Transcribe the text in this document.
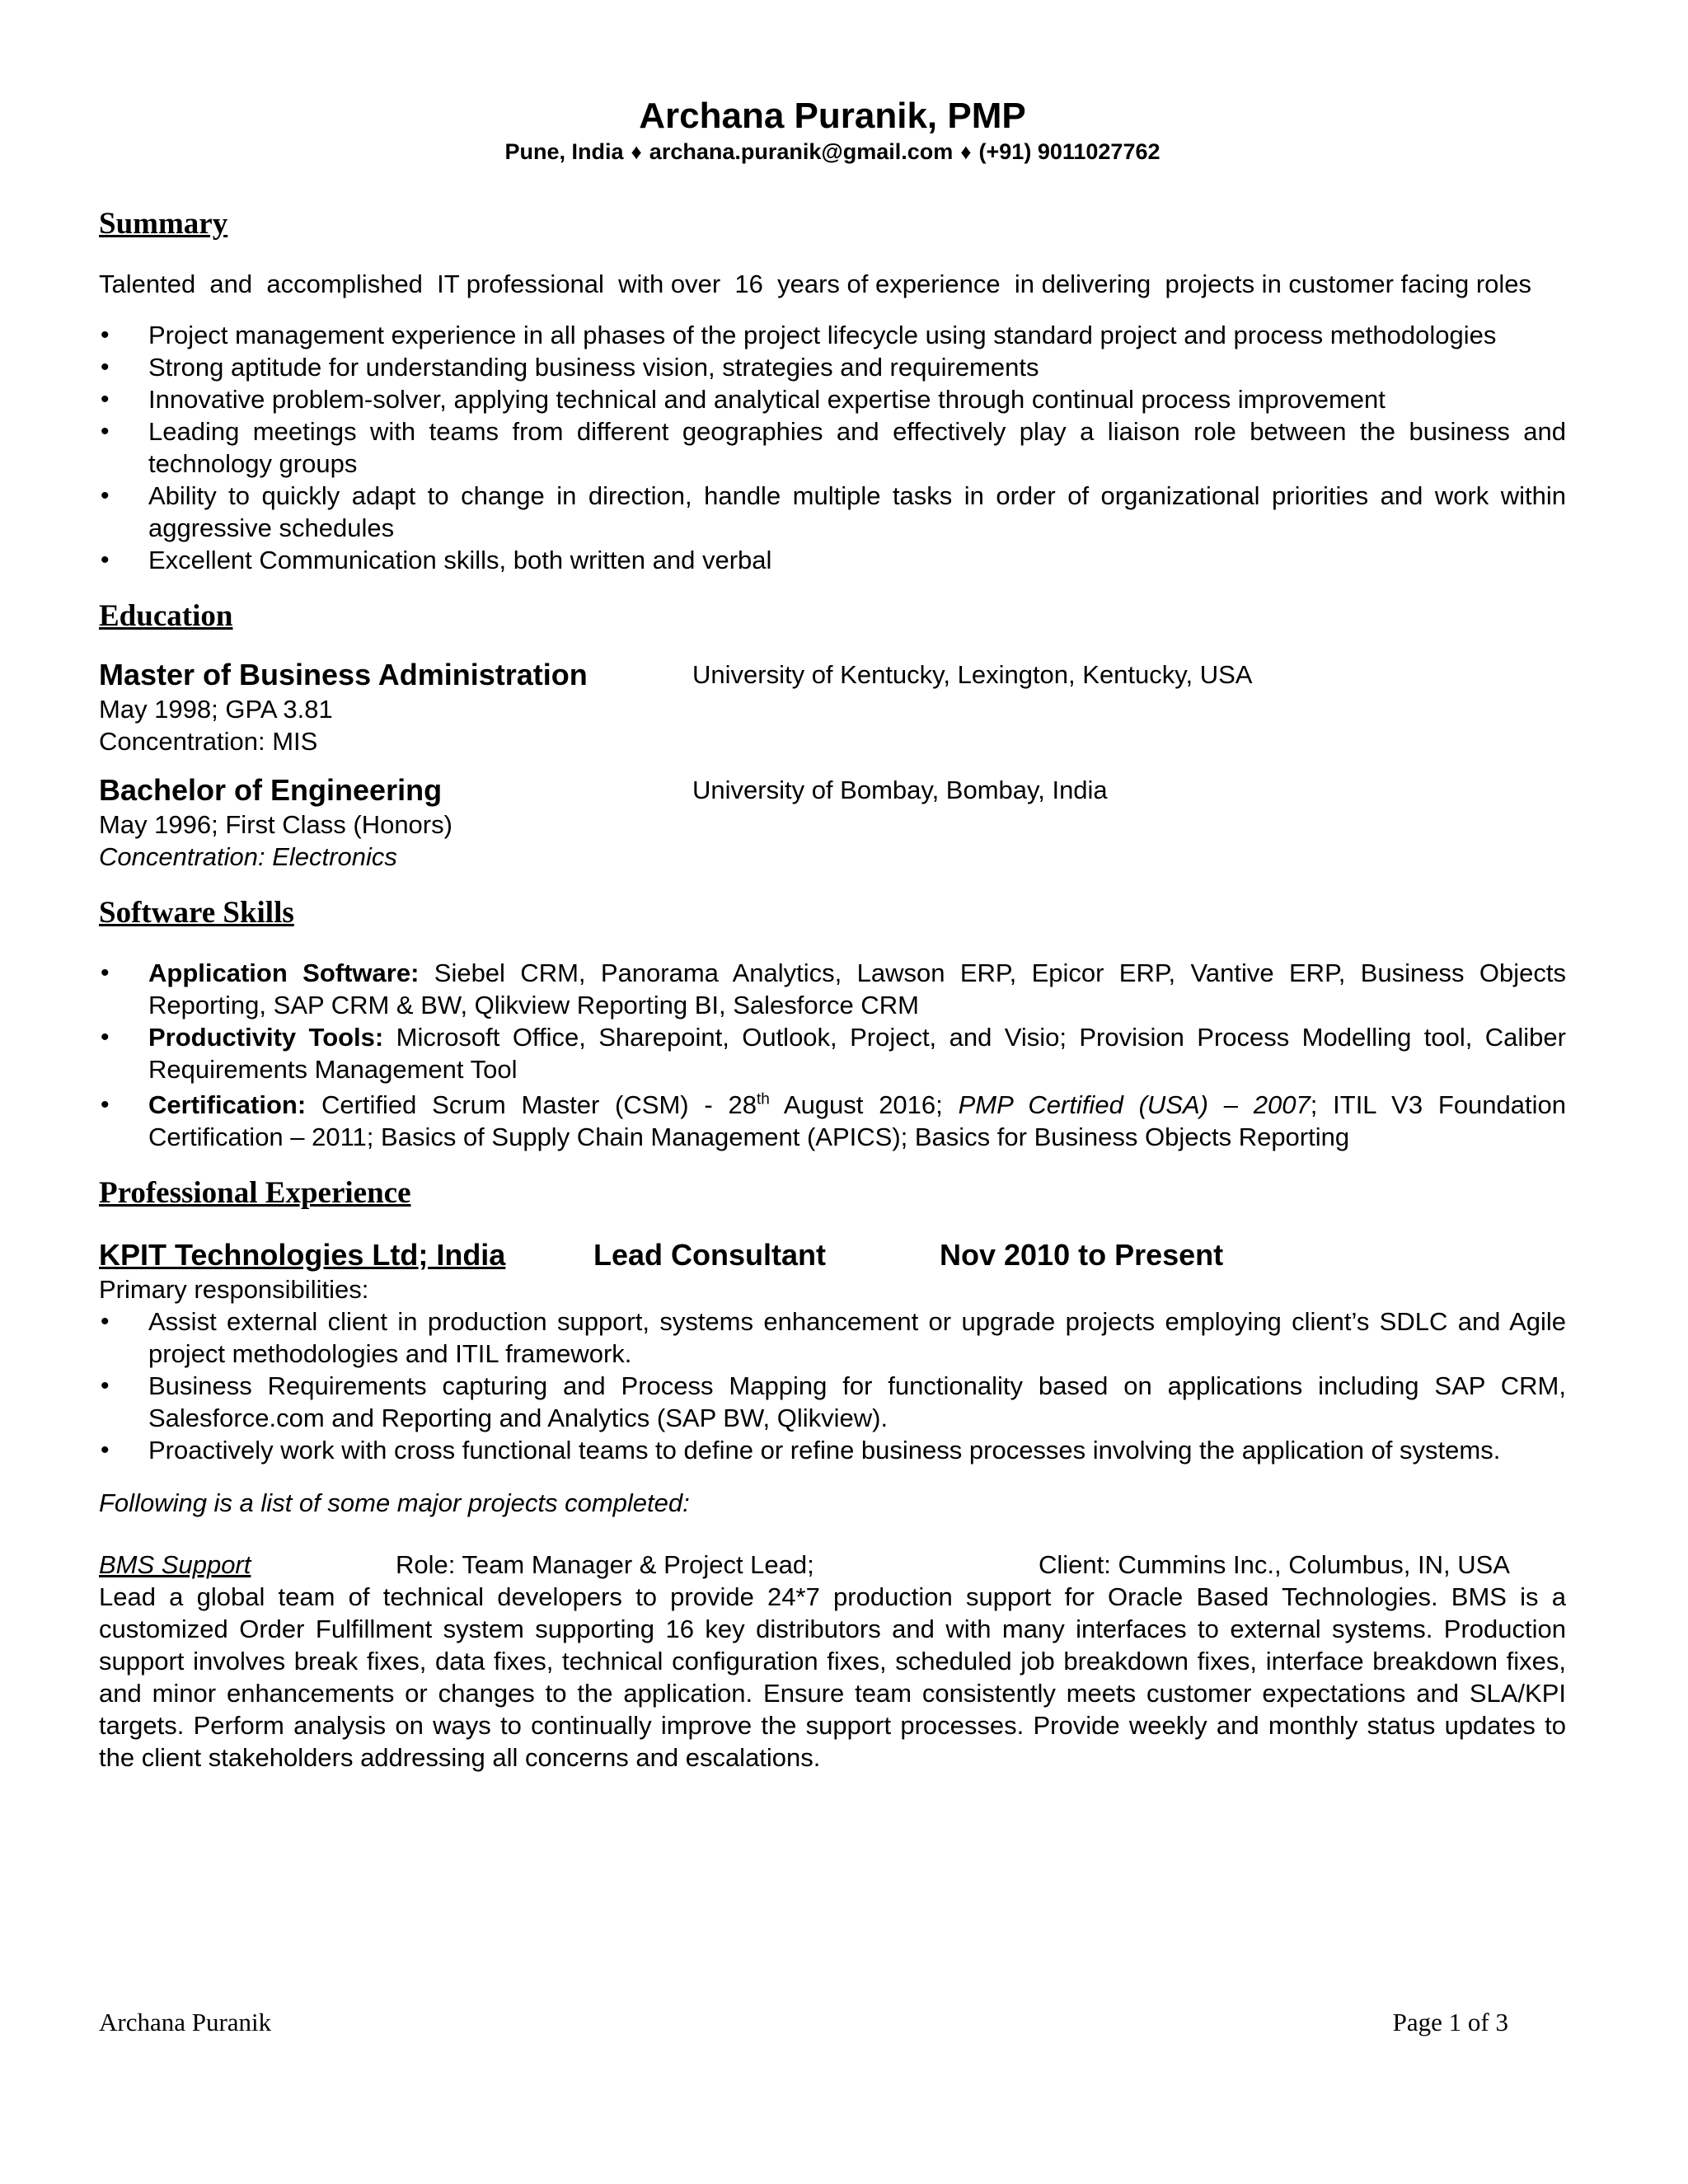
Archana Puranik, PMP

Pune, India ♦ archana.puranik@gmail.com ♦ (+91) 9011027762

Summary

Talented  and  accomplished  IT professional  with over  16  years of experience  in delivering  projects in customer facing roles

• Project management experience in all phases of the project lifecycle using standard project and process methodologies
• Strong aptitude for understanding business vision, strategies and requirements
• Innovative problem-solver, applying technical and analytical expertise through continual process improvement
• Leading meetings with teams from different geographies and effectively play a liaison role between the business and technology groups
• Ability to quickly adapt to change in direction, handle multiple tasks in order of organizational priorities and work within aggressive schedules
• Excellent Communication skills, both written and verbal
Education
Master of Business Administration	University of Kentucky, Lexington, Kentucky, USA

May 1998; GPA 3.81

Concentration: MIS

Bachelor of Engineering	University of Bombay, Bombay, India

May 1996; First Class (Honors)

Concentration: Electronics

Software Skills
• Application Software: Siebel CRM, Panorama Analytics, Lawson ERP, Epicor ERP, Vantive ERP, Business Objects Reporting, SAP CRM & BW, Qlikview Reporting BI, Salesforce CRM
• Productivity Tools: Microsoft Office, Sharepoint, Outlook, Project, and Visio; Provision Process Modelling tool, Caliber Requirements Management Tool
• Certification: Certified Scrum Master (CSM) - 28th August 2016; PMP Certified (USA) – 2007; ITIL V3 Foundation Certification – 2011; Basics of Supply Chain Management (APICS); Basics for Business Objects Reporting
Professional Experience
KPIT Technologies Ltd; India	Lead Consultant	Nov 2010 to Present

Primary responsibilities:

• Assist external client in production support, systems enhancement or upgrade projects employing client’s SDLC and Agile project methodologies and ITIL framework.
• Business Requirements capturing and Process Mapping for functionality based on applications including SAP CRM, Salesforce.com and Reporting and Analytics (SAP BW, Qlikview).
• Proactively work with cross functional teams to define or refine business processes involving the application of systems.

Following is a list of some major projects completed:

BMS Support	Role: Team Manager & Project Lead;	Client: Cummins Inc., Columbus, IN, USA

Lead a global team of technical developers to provide 24*7 production support for Oracle Based Technologies. BMS is a customized Order Fulfillment system supporting 16 key distributors and with many interfaces to external systems. Production support involves break fixes, data fixes, technical configuration fixes, scheduled job breakdown fixes, interface breakdown fixes, and minor enhancements or changes to the application. Ensure team consistently meets customer expectations and SLA/KPI targets. Perform analysis on ways to continually improve the support processes. Provide weekly and monthly status updates to the client stakeholders addressing all concerns and escalations.

Archana Puranik	Page 1 of 3
